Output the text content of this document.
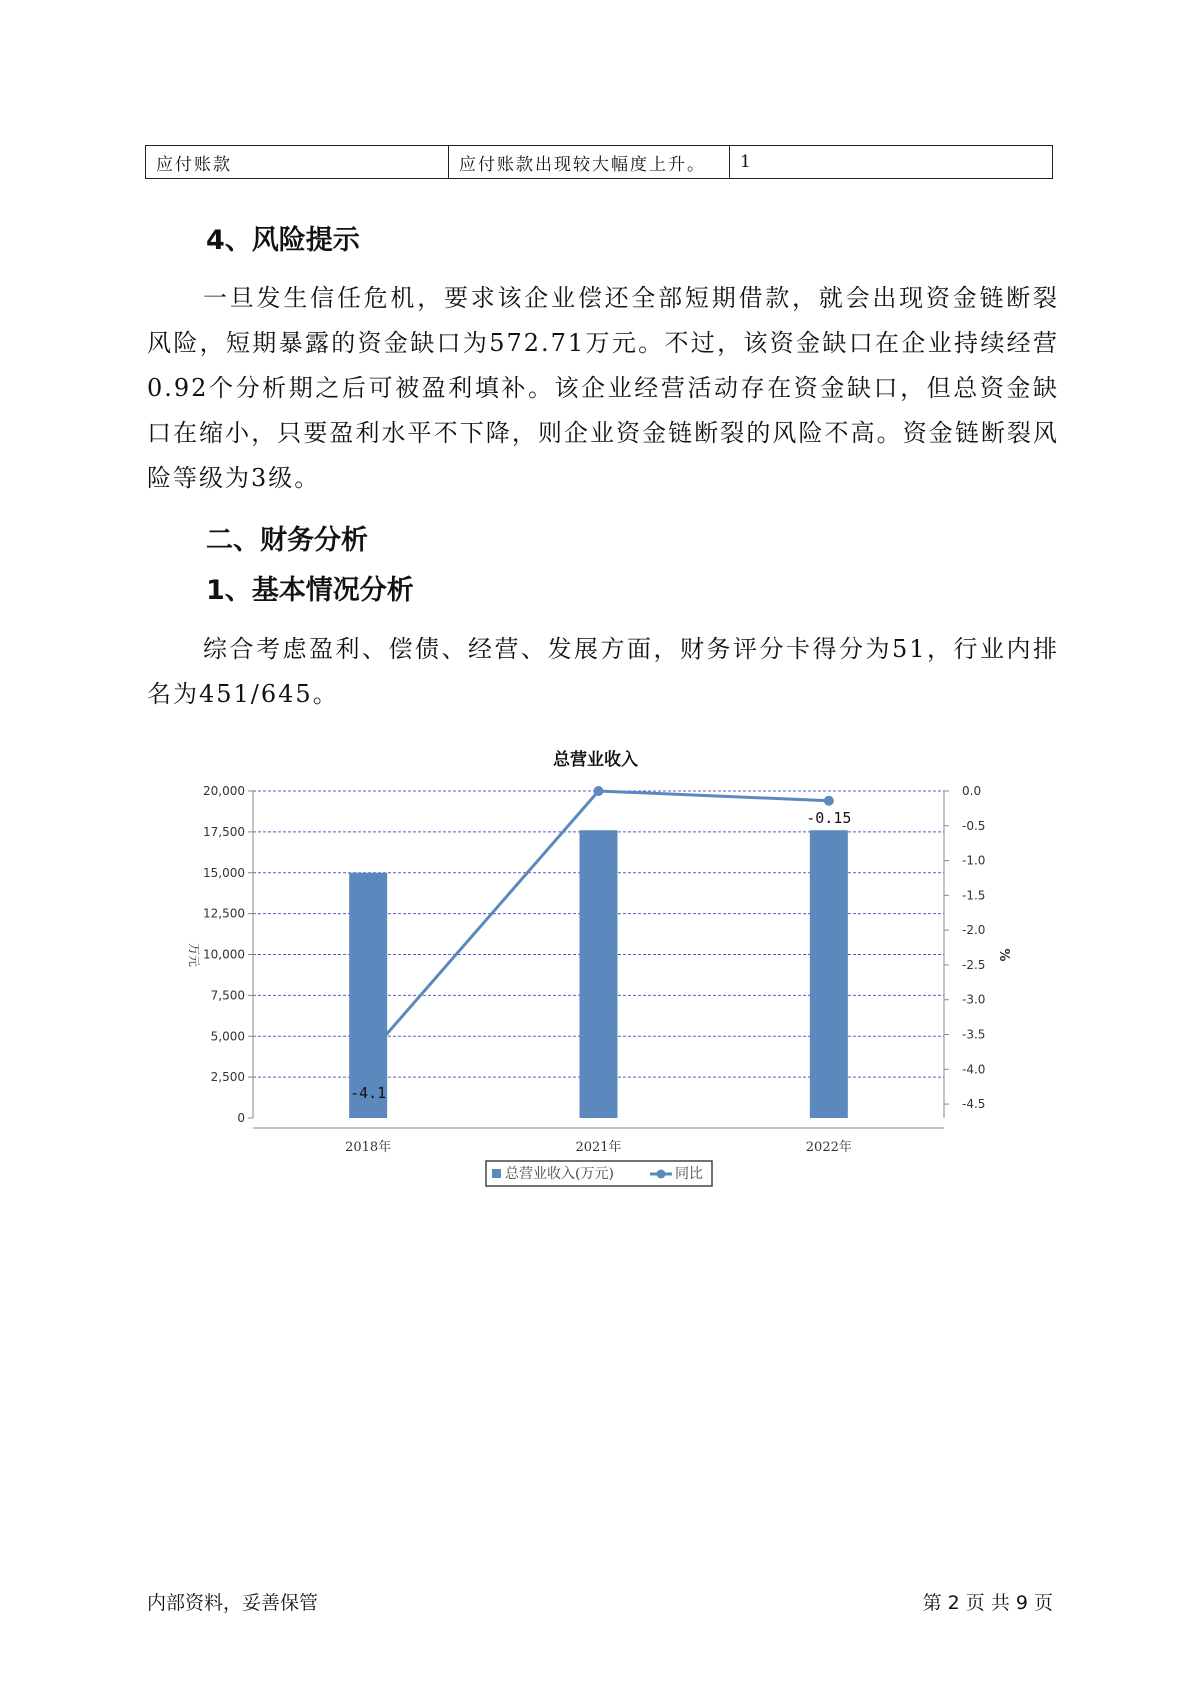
应付账款	应付账款出现较大幅度上升。	1
4、风险提示

一旦发生信任危机，要求该企业偿还全部短期借款，就会出现资金链断裂风险，短期暴露的资金缺口为572.71万元。不过，该资金缺口在企业持续经营 0.92个分析期之后可被盈利填补。该企业经营活动存在资金缺口，但总资金缺口在缩小，只要盈利水平不下降，则企业资金链断裂的风险不高。资金链断裂风险等级为3级。

二、财务分析
1、基本情况分析

综合考虑盈利、偿债、经营、发展方面，财务评分卡得分为51，行业内排名为451/645。

总营业收入
0
2,500
5,000
7,500
10,000
12,500
15,000
17,500
20,000	0.0
-0.5
-1.0
-1.5
-2.0
-2.5
-3.0
-3.5
-4.0
-4.5
万元	%
2018年	2021年	2022年
-4.1
-0.15
总营业收入(万元)	同比
内部资料，妥善保管	第 2 页 共 9 页
